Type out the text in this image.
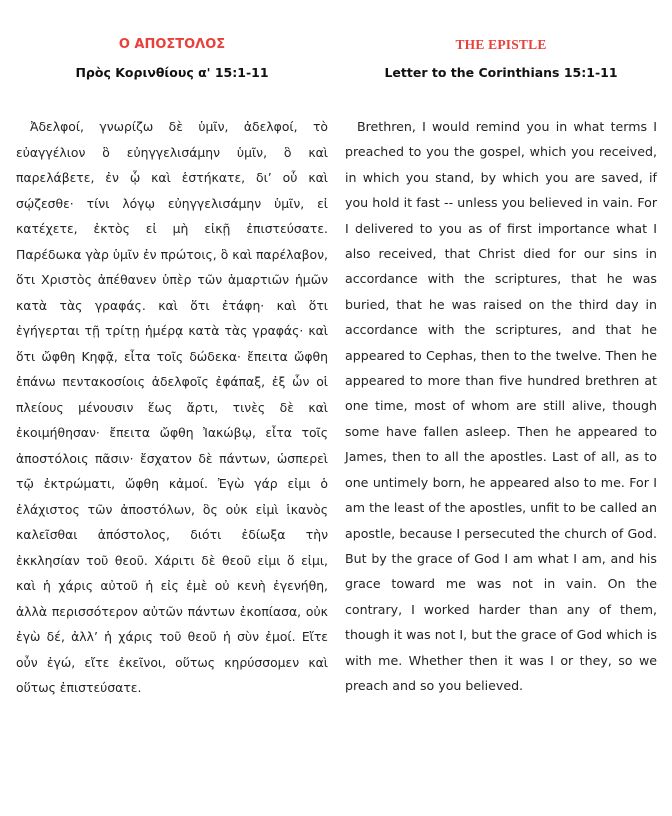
Ο ΑΠΟΣΤΟΛΟΣ
Πρὸς Κορινθίους α' 15:1-11

Ἀδελφοί, γνωρίζω δὲ ὑμῖν, ἀδελφοί, τὸ εὐαγγέλιον ὃ εὐηγγελισάμην ὑμῖν, ὃ καὶ παρελάβετε, ἐν ᾧ καὶ ἑστήκατε, δι’ οὗ καὶ σῴζεσθε· τίνι λόγῳ εὐηγγελισάμην ὑμῖν, εἰ κατέχετε, ἐκτὸς εἰ μὴ εἰκῇ ἐπιστεύσατε. Παρέδωκα γὰρ ὑμῖν ἐν πρώτοις, ὃ καὶ παρέλαβον, ὅτι Χριστὸς ἀπέθανεν ὑπὲρ τῶν ἁμαρτιῶν ἡμῶν κατὰ τὰς γραφάς. καὶ ὅτι ἐτάφη· καὶ ὅτι ἐγήγερται τῇ τρίτῃ ἡμέρᾳ κατὰ τὰς γραφάς· καὶ ὅτι ὤφθη Κηφᾷ, εἶτα τοῖς δώδεκα· ἔπειτα ὤφθη ἐπάνω πεντακοσίοις ἀδελφοῖς ἐφάπαξ, ἐξ ὧν οἱ πλείους μένουσιν ἕως ἄρτι, τινὲς δὲ καὶ ἐκοιμήθησαν· ἔπειτα ὤφθη Ἰακώβῳ, εἶτα τοῖς ἀποστόλοις πᾶσιν· ἔσχατον δὲ πάντων, ὡσπερεὶ τῷ ἐκτρώματι, ὤφθη κἀμοί. Ἐγὼ γάρ εἰμι ὁ ἐλάχιστος τῶν ἀποστόλων, ὃς οὐκ εἰμὶ ἱκανὸς καλεῖσθαι ἀπόστολος, διότι ἐδίωξα τὴν ἐκκλησίαν τοῦ θεοῦ. Χάριτι δὲ θεοῦ εἰμι ὅ εἰμι, καὶ ἡ χάρις αὐτοῦ ἡ εἰς ἐμὲ οὐ κενὴ ἐγενήθη, ἀλλὰ περισσότερον αὐτῶν πάντων ἐκοπίασα, οὐκ ἐγὼ δέ, ἀλλ’ ἡ χάρις τοῦ θεοῦ ἡ σὺν ἐμοί. Εἴτε οὖν ἐγώ, εἴτε ἐκεῖνοι, οὕτως κηρύσσομεν καὶ οὕτως ἐπιστεύσατε.

THE EPISTLE
Letter to the Corinthians 15:1-11

Brethren, I would remind you in what terms I preached to you the gospel, which you received, in which you stand, by which you are saved, if you hold it fast -- unless you believed in vain. For I delivered to you as of first importance what I also received, that Christ died for our sins in accordance with the scriptures, that he was buried, that he was raised on the third day in accordance with the scriptures, and that he appeared to Cephas, then to the twelve. Then he appeared to more than five hundred brethren at one time, most of whom are still alive, though some have fallen asleep. Then he appeared to James, then to all the apostles. Last of all, as to one untimely born, he appeared also to me. For I am the least of the apostles, unfit to be called an apostle, because I persecuted the church of God. But by the grace of God I am what I am, and his grace toward me was not in vain. On the contrary, I worked harder than any of them, though it was not I, but the grace of God which is with me. Whether then it was I or they, so we preach and so you believed.
